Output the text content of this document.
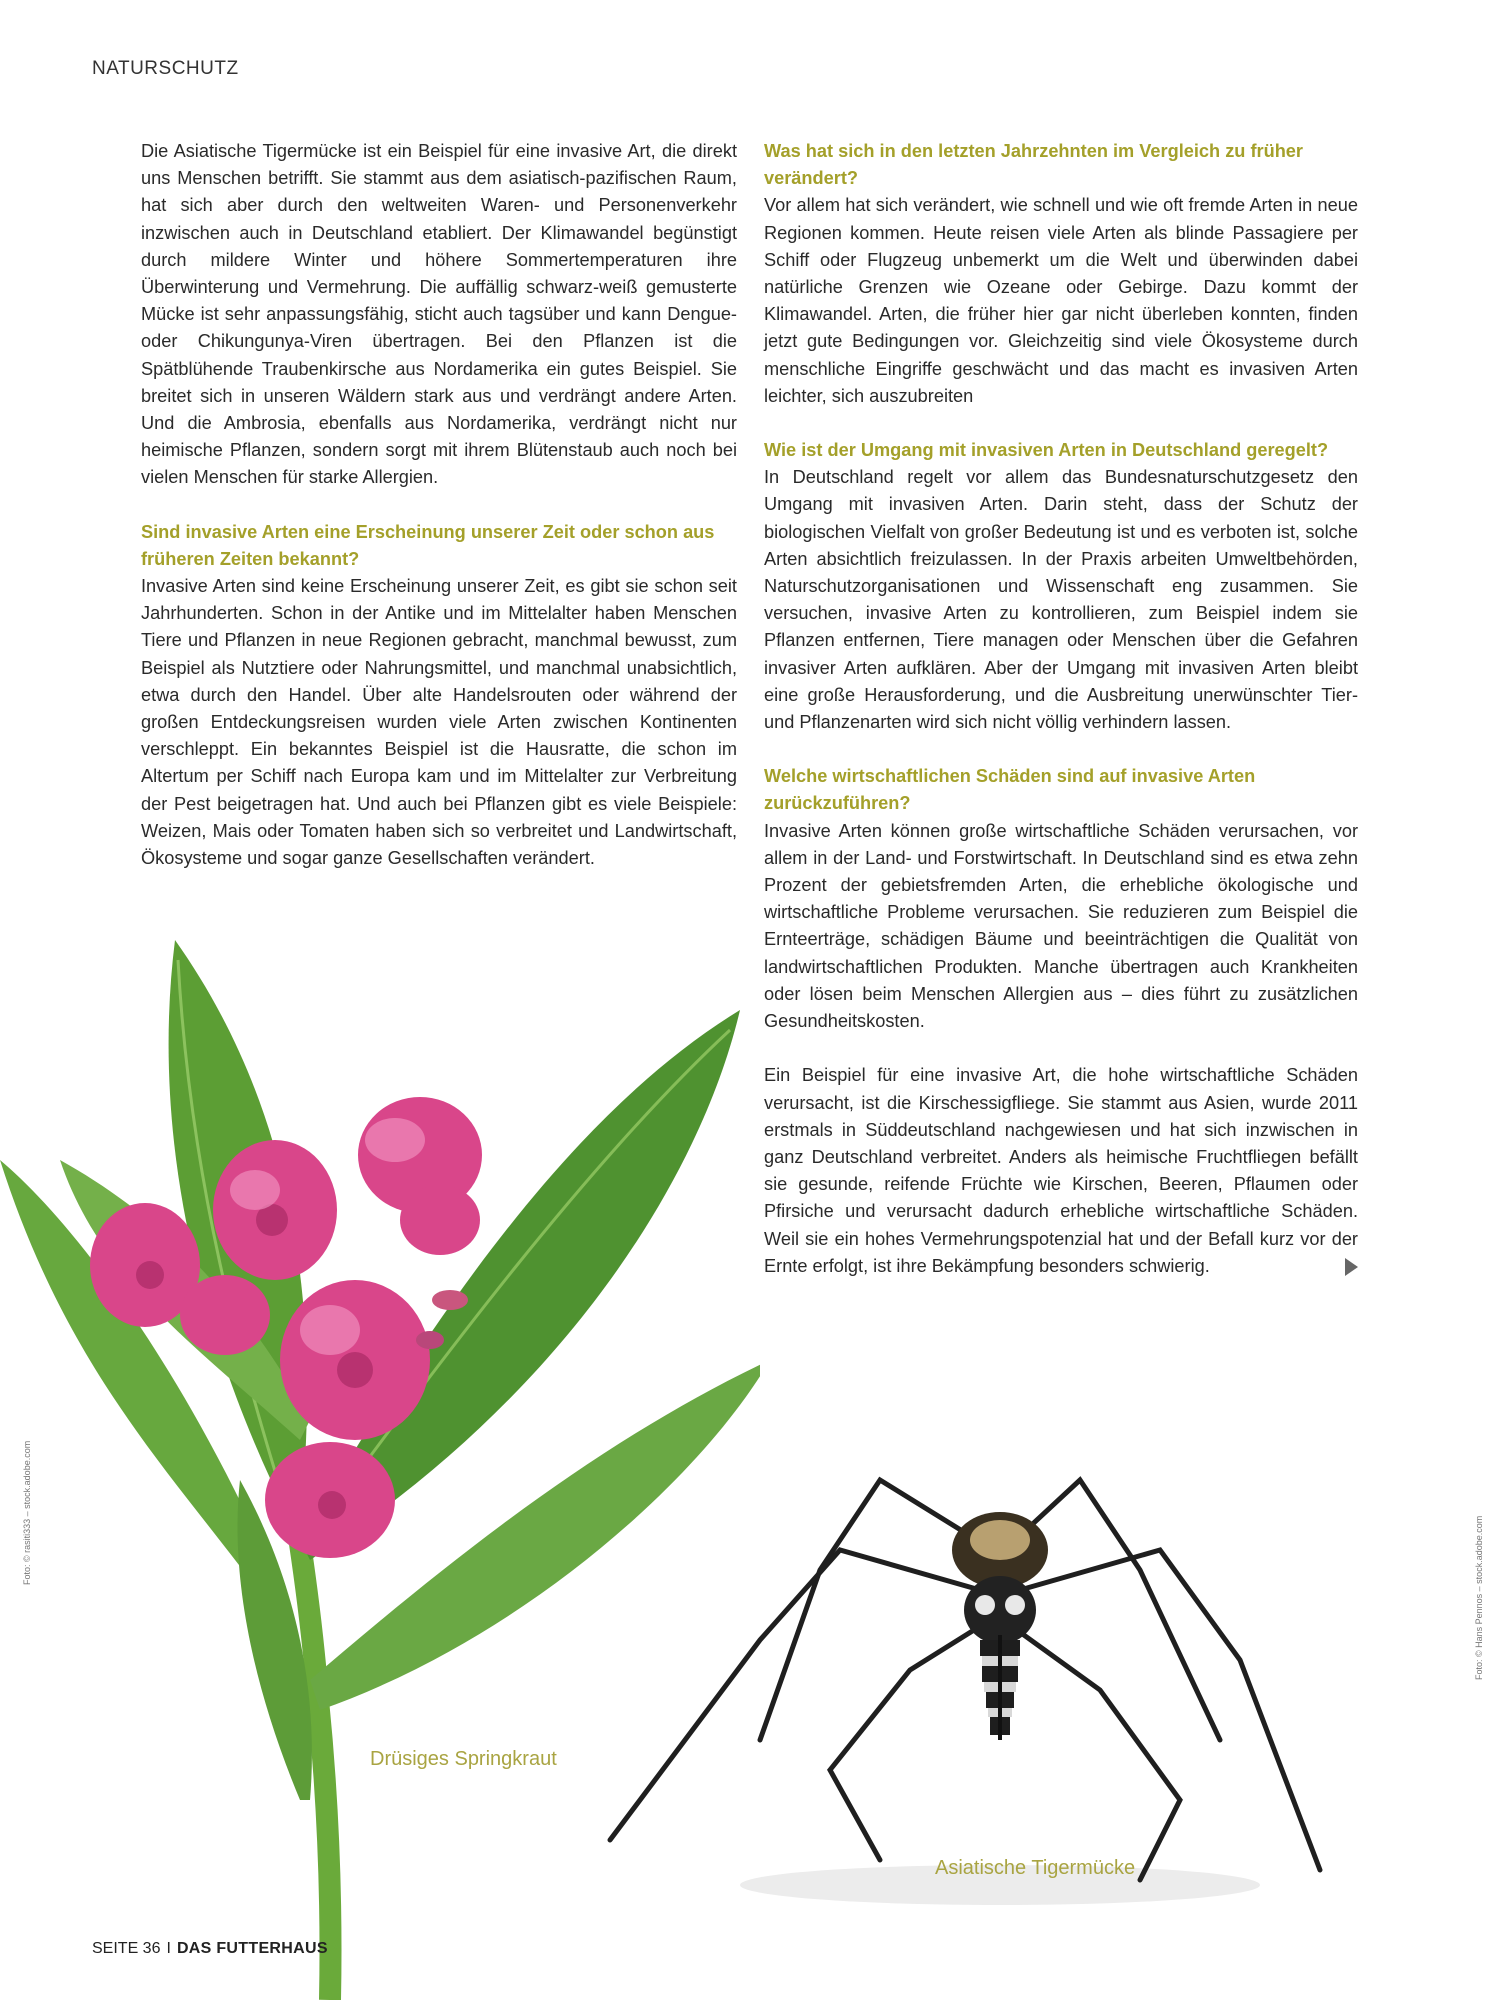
NATURSCHUTZ

Die Asiatische Tigermücke ist ein Beispiel für eine invasive Art, die direkt uns Menschen betrifft. Sie stammt aus dem asiatisch-pazifischen Raum, hat sich aber durch den weltweiten Waren- und Personenverkehr inzwischen auch in Deutschland etabliert. Der Klimawandel begünstigt durch mildere Winter und höhere Sommertemperaturen ihre Überwinterung und Vermehrung. Die auffällig schwarz-weiß gemusterte Mücke ist sehr anpassungsfähig, sticht auch tagsüber und kann Dengue- oder Chikungunya-Viren übertragen. Bei den Pflanzen ist die Spätblühende Traubenkirsche aus Nordamerika ein gutes Beispiel. Sie breitet sich in unseren Wäldern stark aus und verdrängt andere Arten. Und die Ambrosia, ebenfalls aus Nordamerika, verdrängt nicht nur heimische Pflanzen, sondern sorgt mit ihrem Blütenstaub auch noch bei vielen Menschen für starke Allergien.

Sind invasive Arten eine Erscheinung unserer Zeit oder schon aus früheren Zeiten bekannt?

Invasive Arten sind keine Erscheinung unserer Zeit, es gibt sie schon seit Jahrhunderten. Schon in der Antike und im Mittelalter haben Menschen Tiere und Pflanzen in neue Regionen gebracht, manchmal bewusst, zum Beispiel als Nutztiere oder Nahrungsmittel, und manchmal unabsichtlich, etwa durch den Handel. Über alte Handelsrouten oder während der großen Entdeckungsreisen wurden viele Arten zwischen Kontinenten verschleppt. Ein bekanntes Beispiel ist die Hausratte, die schon im Altertum per Schiff nach Europa kam und im Mittelalter zur Verbreitung der Pest beigetragen hat. Und auch bei Pflanzen gibt es viele Beispiele: Weizen, Mais oder Tomaten haben sich so verbreitet und Landwirtschaft, Ökosysteme und sogar ganze Gesellschaften verändert.

Was hat sich in den letzten Jahrzehnten im Vergleich zu früher verändert?

Vor allem hat sich verändert, wie schnell und wie oft fremde Arten in neue Regionen kommen. Heute reisen viele Arten als blinde Passagiere per Schiff oder Flugzeug unbemerkt um die Welt und überwinden dabei natürliche Grenzen wie Ozeane oder Gebirge. Dazu kommt der Klimawandel. Arten, die früher hier gar nicht überleben konnten, finden jetzt gute Bedingungen vor. Gleichzeitig sind viele Ökosysteme durch menschliche Eingriffe geschwächt und das macht es invasiven Arten leichter, sich auszubreiten

Wie ist der Umgang mit invasiven Arten in Deutschland geregelt?

In Deutschland regelt vor allem das Bundesnaturschutzgesetz den Umgang mit invasiven Arten. Darin steht, dass der Schutz der biologischen Vielfalt von großer Bedeutung ist und es verboten ist, solche Arten absichtlich freizulassen. In der Praxis arbeiten Umweltbehörden, Naturschutzorganisationen und Wissenschaft eng zusammen. Sie versuchen, invasive Arten zu kontrollieren, zum Beispiel indem sie Pflanzen entfernen, Tiere managen oder Menschen über die Gefahren invasiver Arten aufklären. Aber der Umgang mit invasiven Arten bleibt eine große Herausforderung, und die Ausbreitung unerwünschter Tier- und Pflanzenarten wird sich nicht völlig verhindern lassen.

Welche wirtschaftlichen Schäden sind auf invasive Arten zurückzuführen?

Invasive Arten können große wirtschaftliche Schäden verursachen, vor allem in der Land- und Forstwirtschaft. In Deutschland sind es etwa zehn Prozent der gebietsfremden Arten, die erhebliche ökologische und wirtschaftliche Probleme verursachen. Sie reduzieren zum Beispiel die Ernteerträge, schädigen Bäume und beeinträchtigen die Qualität von landwirtschaftlichen Produkten. Manche übertragen auch Krankheiten oder lösen beim Menschen Allergien aus – dies führt zu zusätzlichen Gesundheitskosten.

Ein Beispiel für eine invasive Art, die hohe wirtschaftliche Schäden verursacht, ist die Kirschessigfliege. Sie stammt aus Asien, wurde 2011 erstmals in Süddeutschland nachgewiesen und hat sich inzwischen in ganz Deutschland verbreitet. Anders als heimische Fruchtfliegen befällt sie gesunde, reifende Früchte wie Kirschen, Beeren, Pflaumen oder Pfirsiche und verursacht dadurch erhebliche wirtschaftliche Schäden. Weil sie ein hohes Vermehrungspotenzial hat und der Befall kurz vor der Ernte erfolgt, ist ihre Bekämpfung besonders schwierig.

Drüsiges Springkraut
Asiatische Tigermücke
Foto: © rasiti333 – stock.adobe.com
Foto: © Hans Pennos – stock.adobe.com
SEITE 36 I DAS FUTTERHAUS
